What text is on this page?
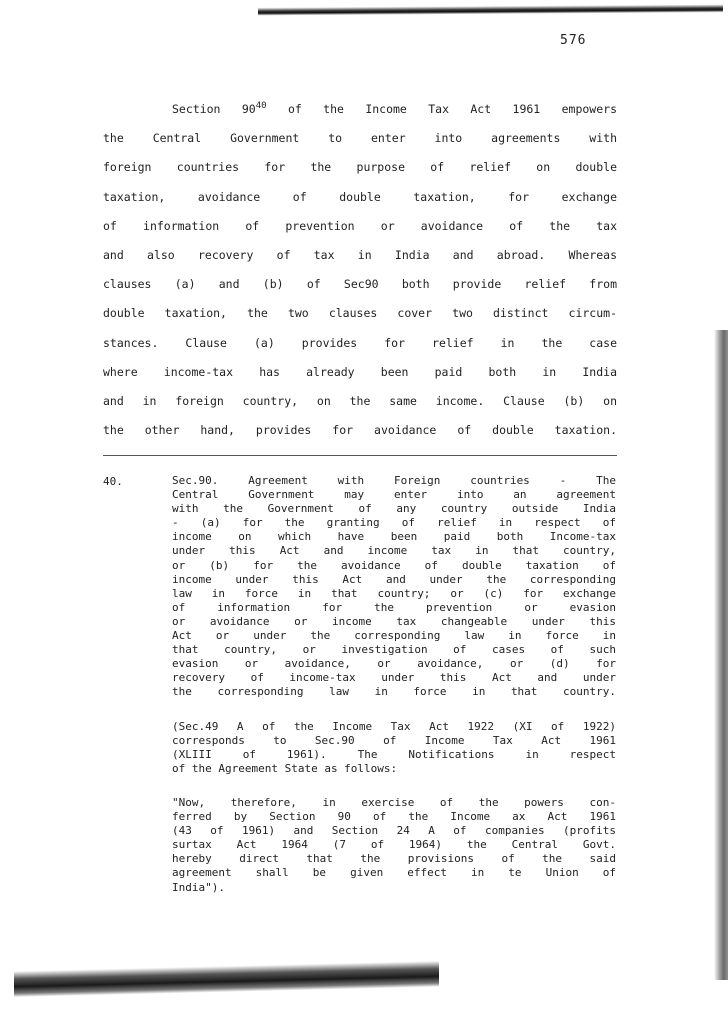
576
Section 90$^{40}$ of the Income Tax Act 1961 empowers
the Central Government to enter into agreements with
foreign countries for the purpose of relief on double
taxation, avoidance of double taxation, for exchange
of information of prevention or avoidance of the tax
and also recovery of tax in India and abroad. Whereas
clauses (a) and (b) of Sec90 both provide relief from
double taxation, the two clauses cover two distinct circum-
stances. Clause (a) provides for relief in the case
where income-tax has already been paid both in India
and in foreign country, on the same income. Clause (b) on
the other hand, provides for avoidance of double taxation.
40.	Sec.90. Agreement with Foreign countries - The
Central Government may enter into an agreement
with the Government of any country outside India
- (a) for the granting of relief in respect of
income on which have been paid both Income-tax
under this Act and income tax in that country,
or (b) for the avoidance of double taxation of
income under this Act and under the corresponding
law in force in that country; or (c) for exchange
of information for the prevention or evasion
or avoidance or income tax changeable under this
Act or under the corresponding law in force in
that country, or investigation of cases of such
evasion or avoidance, or avoidance, or (d) for
recovery of income-tax under this Act and under
the corresponding law in force in that country.
(Sec.49 A of the Income Tax Act 1922 (XI of 1922)
corresponds to Sec.90 of Income Tax Act 1961
(XLIII of 1961). The Notifications in respect
of the Agreement State as follows:
"Now, therefore, in exercise of the powers con-
ferred by Section 90 of the Income ax Act 1961
(43 of 1961) and Section 24 A of companies (profits
surtax Act 1964 (7 of 1964) the Central Govt.
hereby direct that the provisions of the said
agreement shall be given effect in te Union of
India").
